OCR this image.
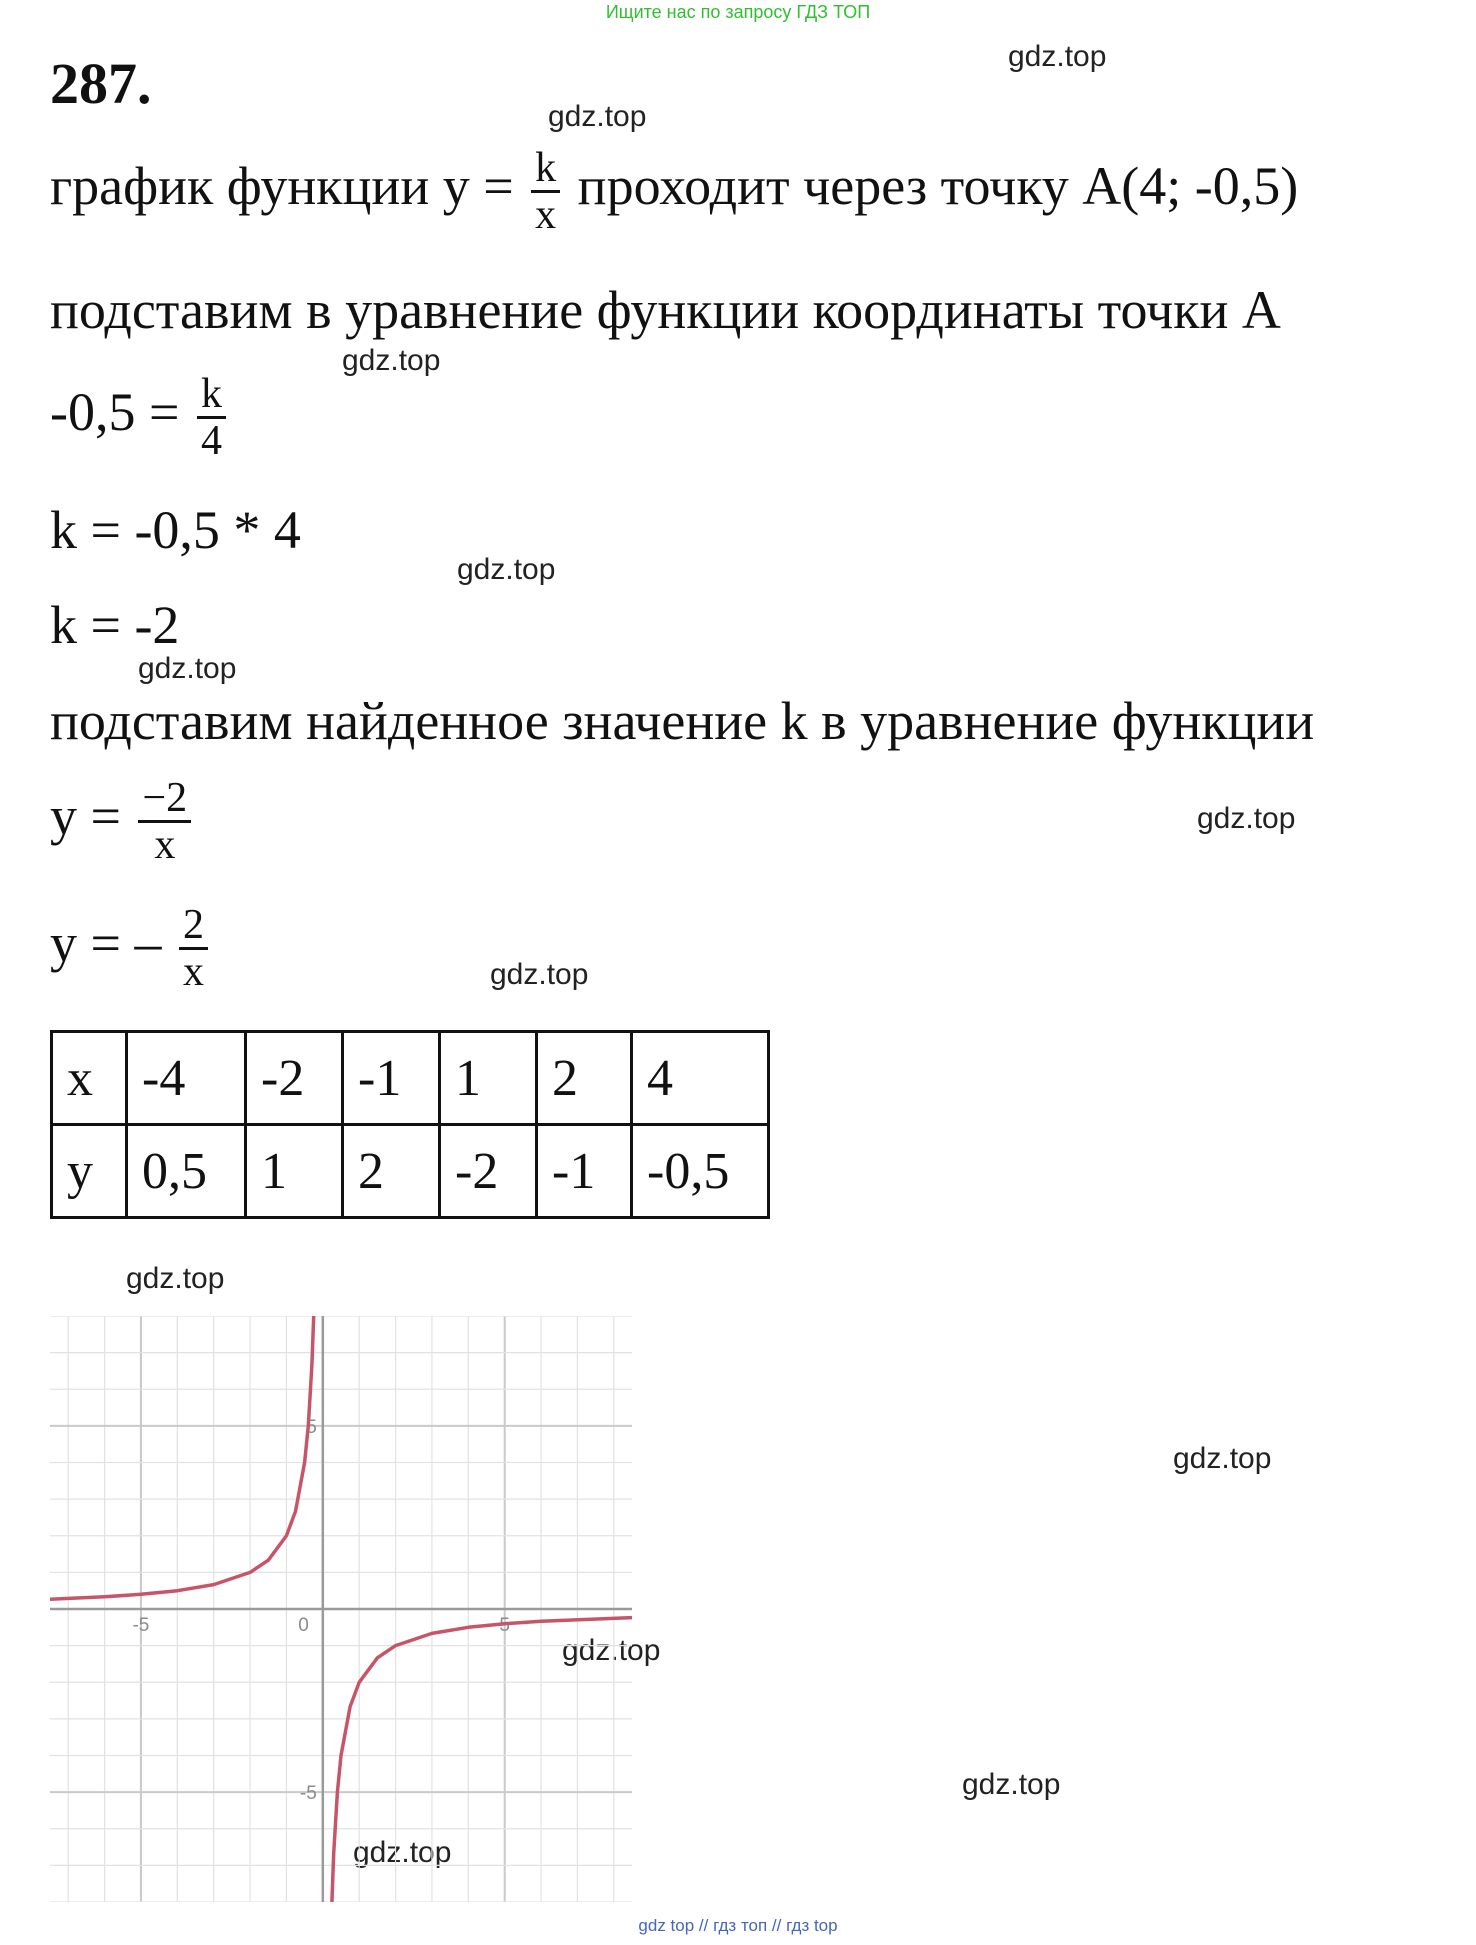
Ищите нас по запросу ГДЗ ТОП
287.	gdz.top
gdz.top
gdz.top
gdz.top
gdz.top
gdz.top
gdz.top
gdz.top
gdz.top
gdz.top
gdz.top
gdz.top
график функции $y = \frac{k}{x}$ проходит через точку A(4; -0,5)
подставим в уравнение функции координаты точки А
$-0,5 = \frac{k}{4}$
k = -0,5 * 4
k = -2
подставим найденное значение k в уравнение функции
$y = \frac{-2}{x}$
y = – $\frac{2}{x}$
x	-4	-2	-1	1	2	4
y	0,5	1	2	-2	-1	-0,5
-5	0	5
5
-5
gdz top // гдз топ // гдз top
